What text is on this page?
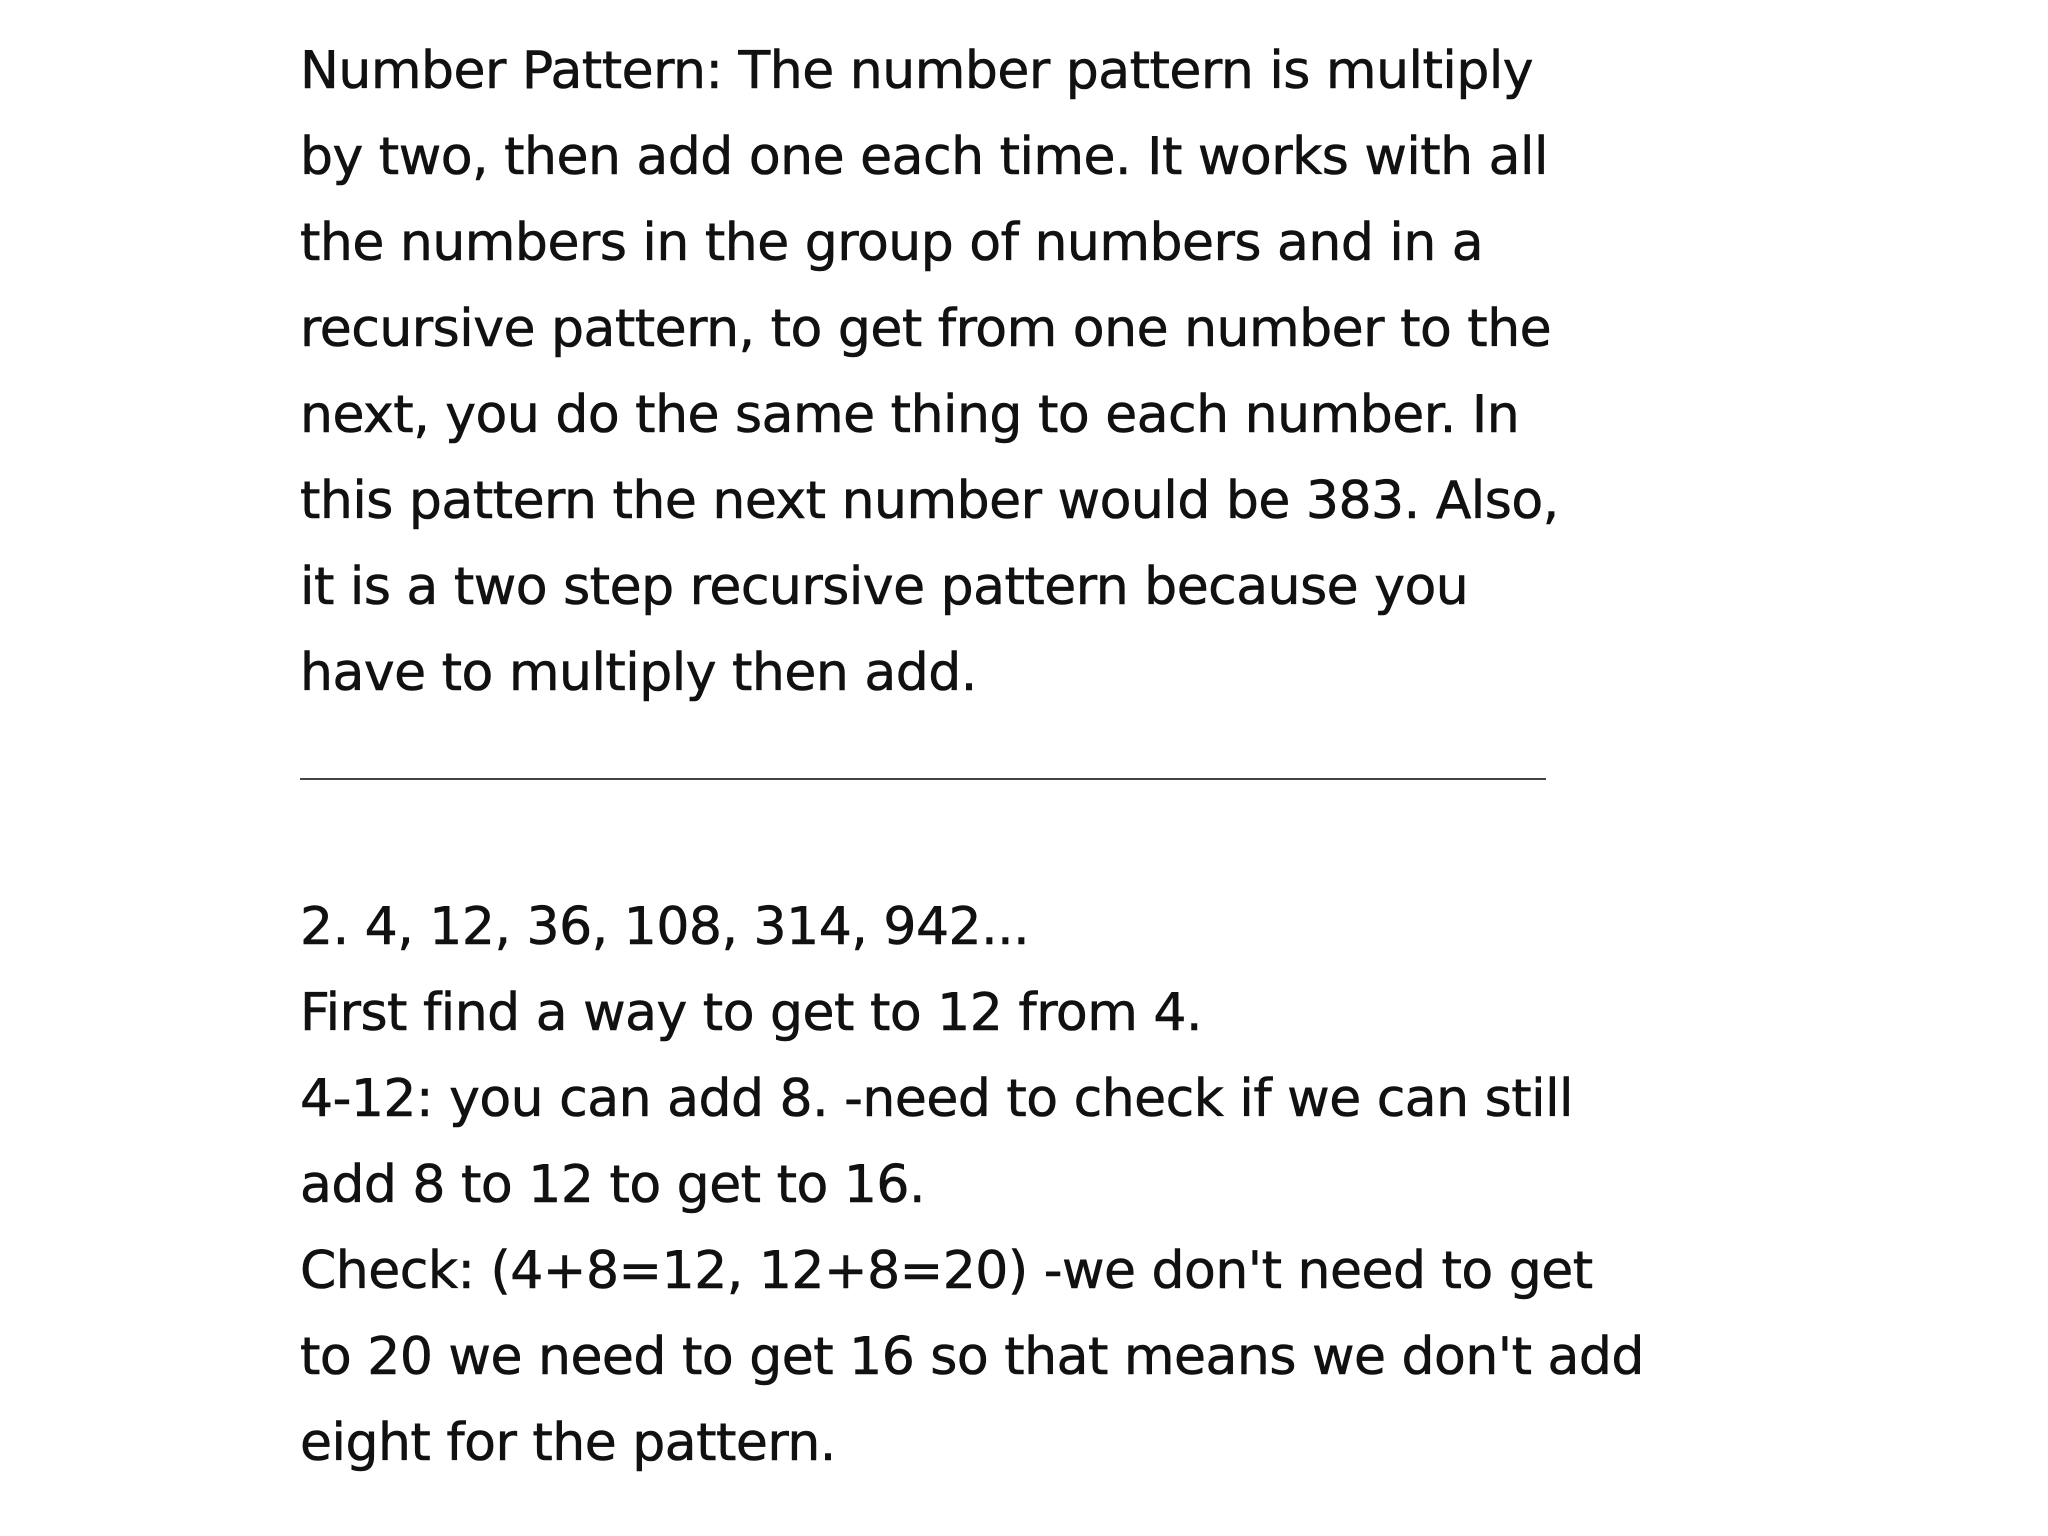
Number Pattern: The number pattern is multiply by two, then add one each time. It works with all the numbers in the group of numbers and in a recursive pattern, to get from one number to the next, you do the same thing to each number. In this pattern the next number would be 383. Also, it is a two step recursive pattern because you have to multiply then add.
2. 4, 12, 36, 108, 314, 942...
First find a way to get to 12 from 4.
4-12: you can add 8. -need to check if we can still
add 8 to 12 to get to 16.
Check: (4+8=12, 12+8=20) -we don't need to get
to 20 we need to get 16 so that means we don't add
eight for the pattern.
